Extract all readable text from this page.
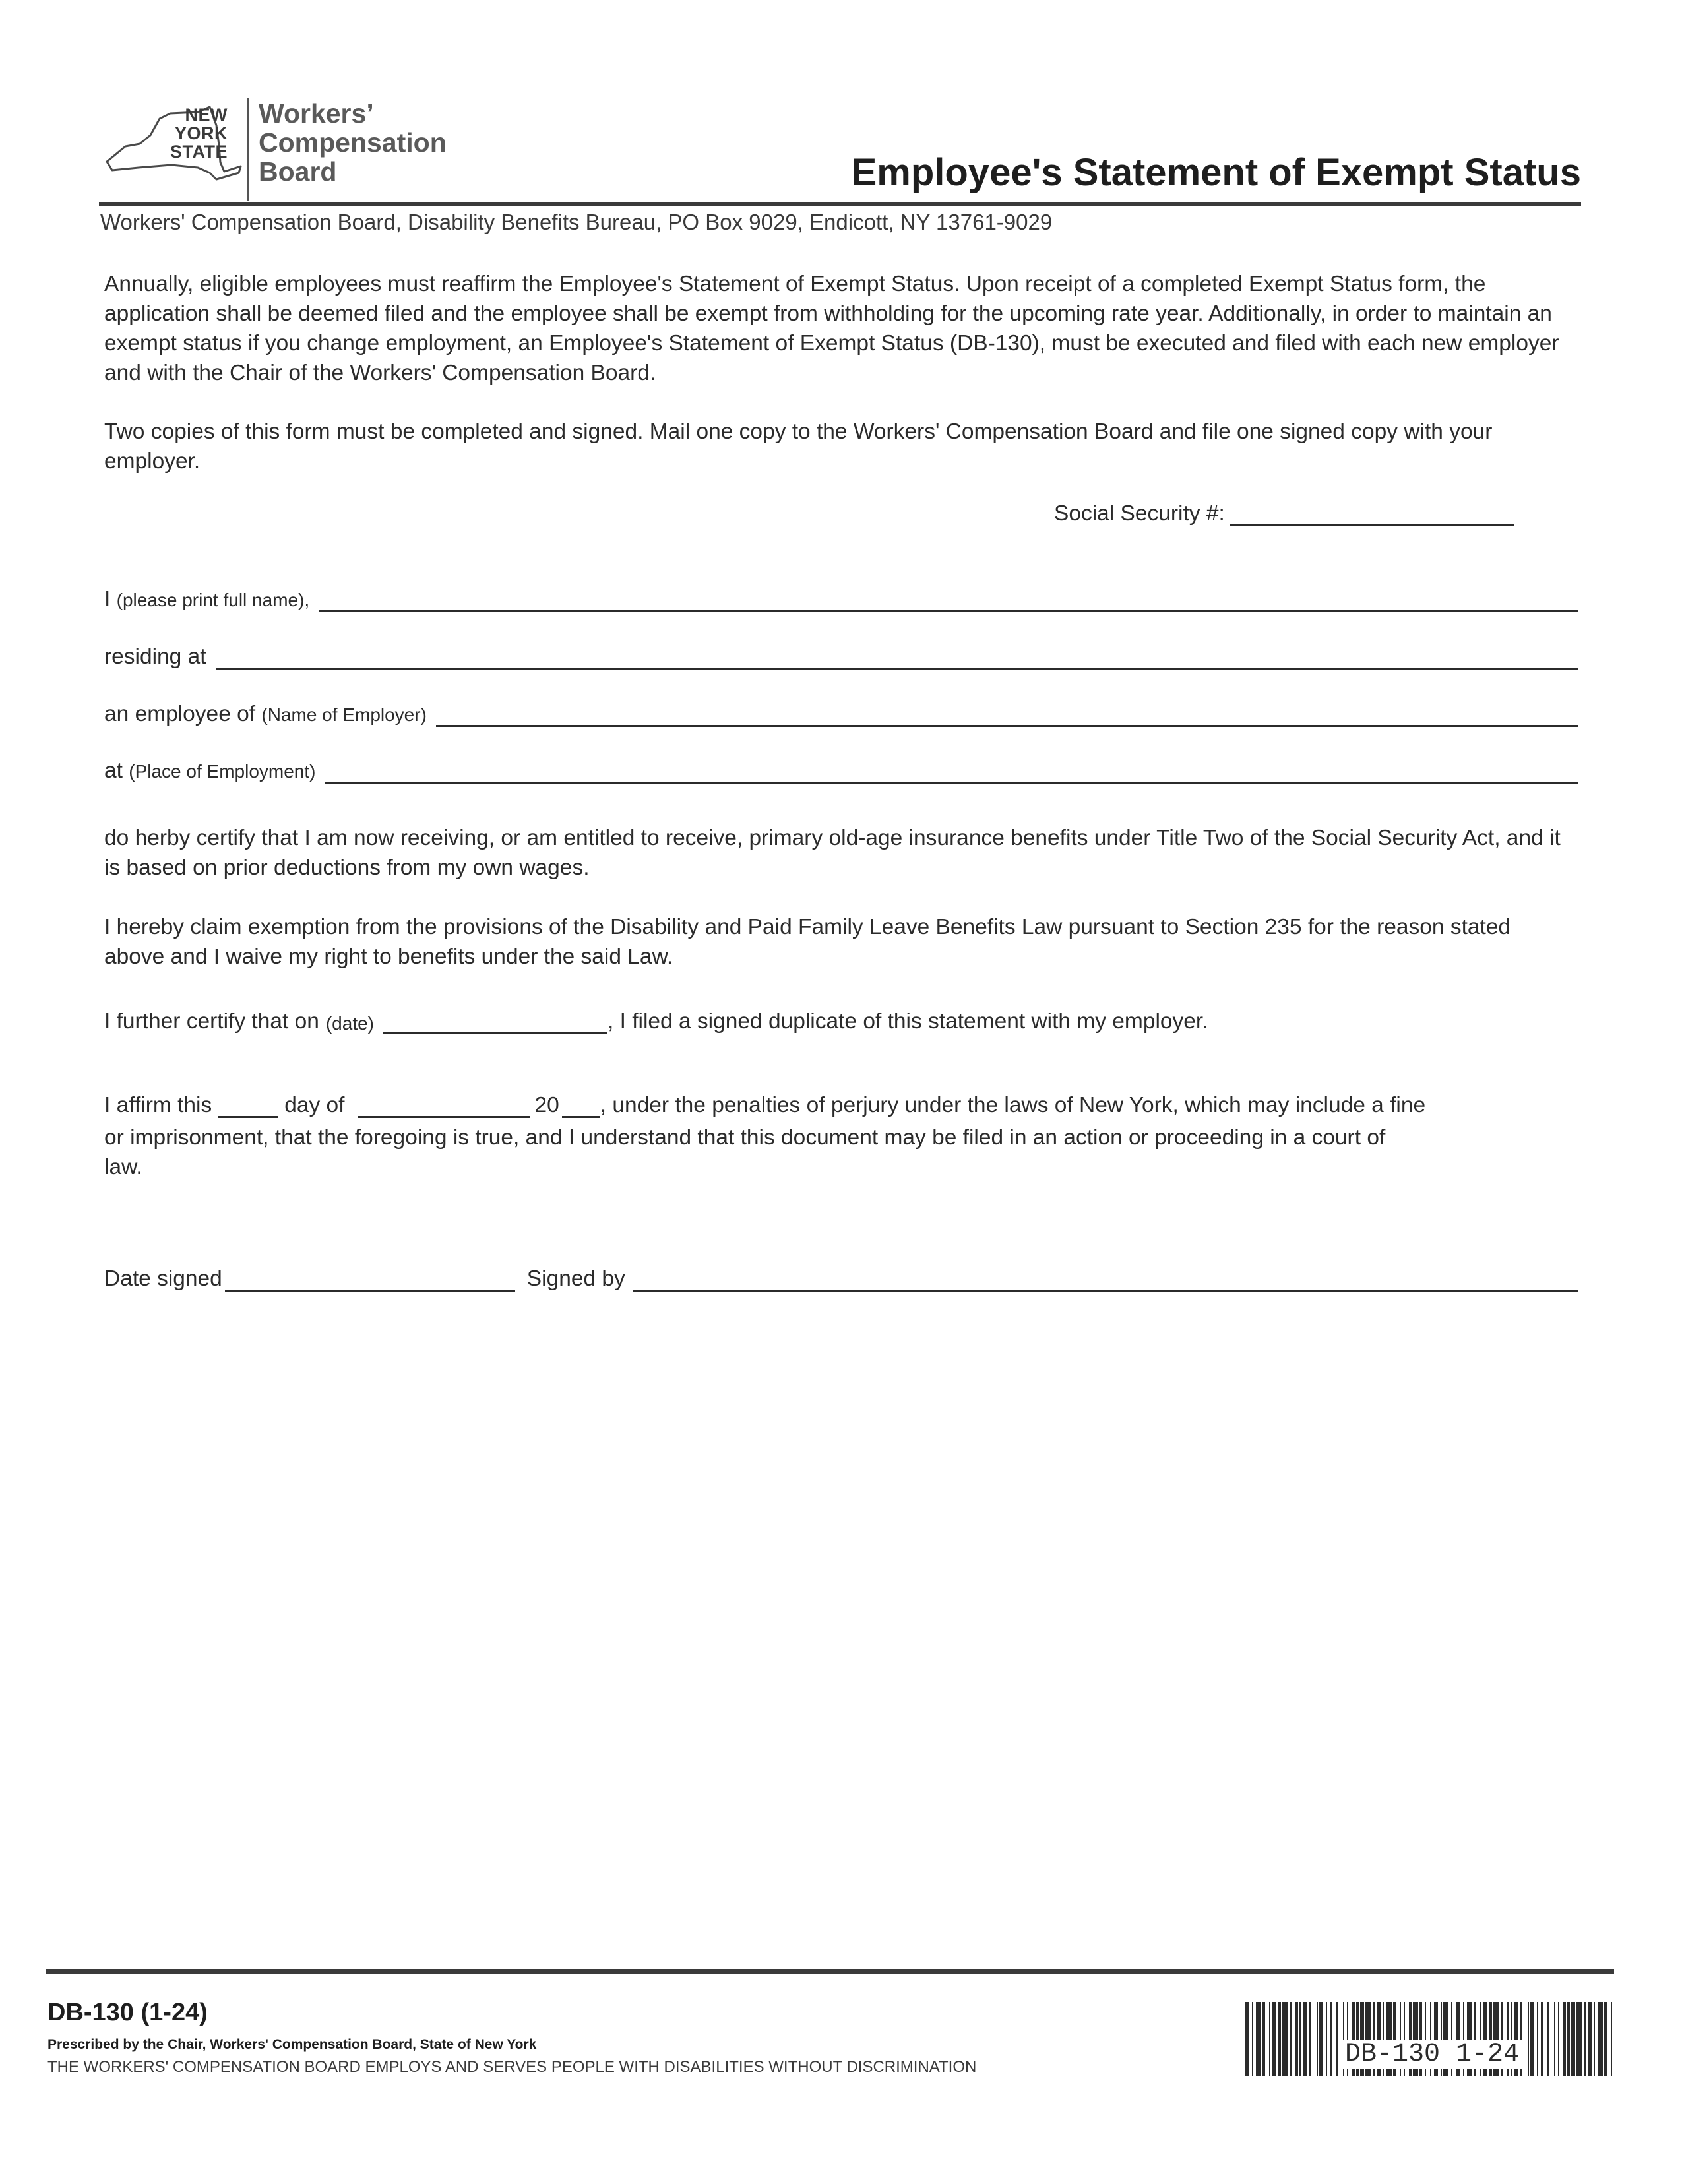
NEW
YORK
STATE
Workers’
Compensation
Board	Employee's Statement of Exempt Status
Workers' Compensation Board, Disability Benefits Bureau, PO Box 9029, Endicott, NY 13761-9029
Annually, eligible employees must reaffirm the Employee's Statement of Exempt Status. Upon receipt of a completed Exempt Status form, the application shall be deemed filed and the employee shall be exempt from withholding for the upcoming rate year. Additionally, in order to maintain an exempt status if you change employment, an Employee's Statement of Exempt Status (DB-130), must be executed and filed with each new employer and with the Chair of the Workers' Compensation Board.
Two copies of this form must be completed and signed. Mail one copy to the Workers' Compensation Board and file one signed copy with your employer.
Social Security #:
I (please print full name),
residing at
an employee of (Name of Employer)
at (Place of Employment)
do herby certify that I am now receiving, or am entitled to receive, primary old-age insurance benefits under Title Two of the Social Security Act, and it is based on prior deductions from my own wages.
I hereby claim exemption from the provisions of the Disability and Paid Family Leave Benefits Law pursuant to Section 235 for the reason stated above and I waive my right to benefits under the said Law.
I further certify that on (date)	, I filed a signed duplicate of this statement with my employer.
I affirm this	day of	20 , under the penalties of perjury under the laws of New York, which may include a fine
or imprisonment, that the foregoing is true, and I understand that this document may be filed in an action or proceeding in a court of
law.
Date signed	Signed by
DB-130 (1-24)
Prescribed by the Chair, Workers' Compensation Board, State of New York
THE WORKERS' COMPENSATION BOARD EMPLOYS AND SERVES PEOPLE WITH DISABILITIES WITHOUT DISCRIMINATION	DB-130 1-24
